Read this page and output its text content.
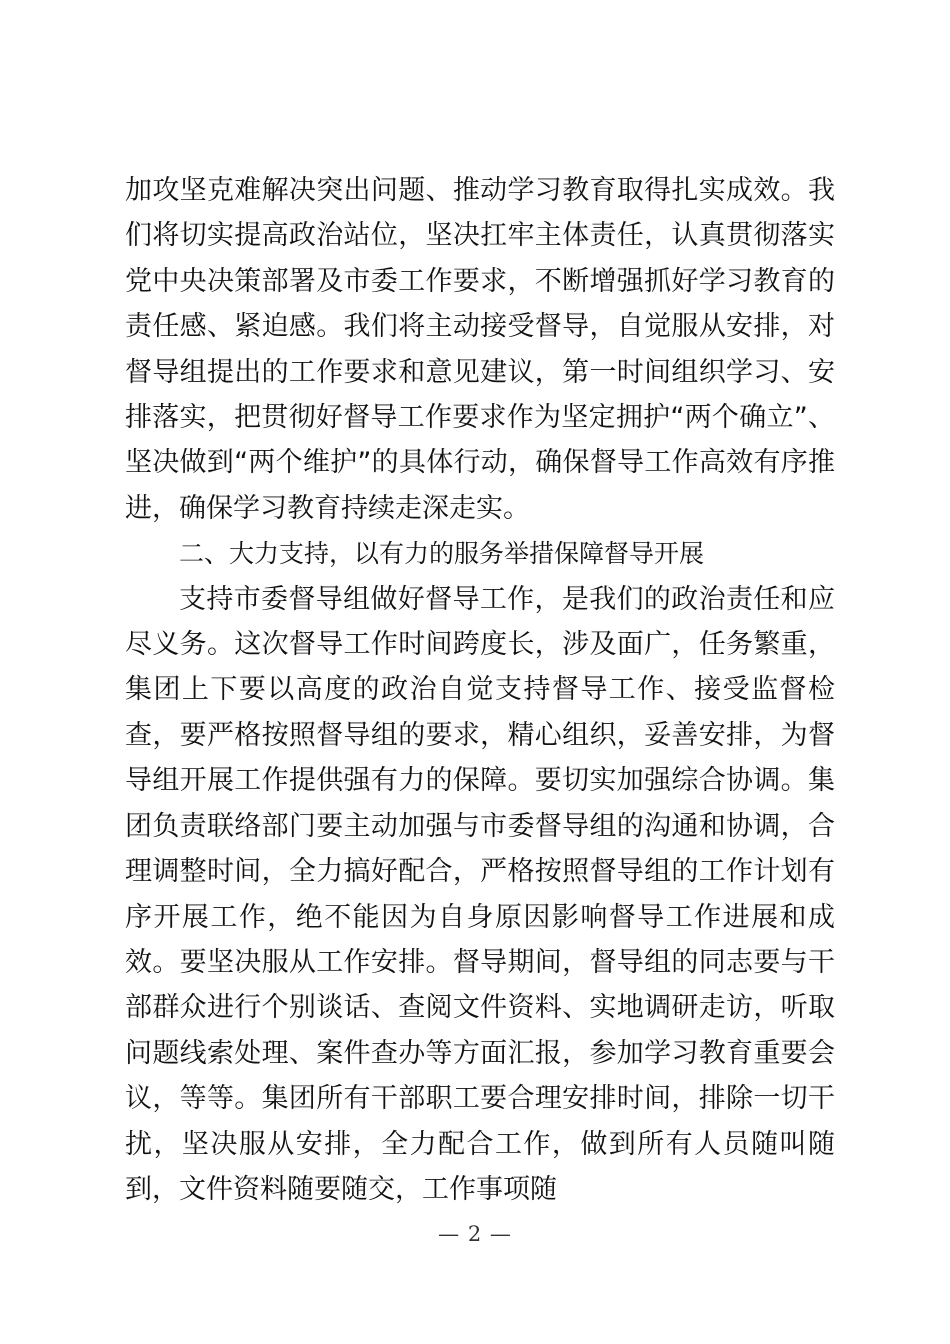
加攻坚克难解决突出问题、推动学习教育取得扎实成效。我们将切实提高政治站位，坚决扛牢主体责任，认真贯彻落实党中央决策部署及市委工作要求，不断增强抓好学习教育的责任感、紧迫感。我们将主动接受督导，自觉服从安排，对督导组提出的工作要求和意见建议，第一时间组织学习、安排落实，把贯彻好督导工作要求作为坚定拥护“两个确立”、坚决做到“两个维护”的具体行动，确保督导工作高效有序推进，确保学习教育持续走深走实。

二、大力支持，以有力的服务举措保障督导开展

支持市委督导组做好督导工作，是我们的政治责任和应尽义务。这次督导工作时间跨度长，涉及面广，任务繁重，集团上下要以高度的政治自觉支持督导工作、接受监督检查，要严格按照督导组的要求，精心组织，妥善安排，为督导组开展工作提供强有力的保障。要切实加强综合协调。集团负责联络部门要主动加强与市委督导组的沟通和协调，合理调整时间，全力搞好配合，严格按照督导组的工作计划有序开展工作，绝不能因为自身原因影响督导工作进展和成效。要坚决服从工作安排。督导期间，督导组的同志要与干部群众进行个别谈话、查阅文件资料、实地调研走访，听取问题线索处理、案件查办等方面汇报，参加学习教育重要会议，等等。集团所有干部职工要合理安排时间，排除一切干扰，坚决服从安排，全力配合工作，做到所有人员随叫随到，文件资料随要随交，工作事项随

— 2 —
